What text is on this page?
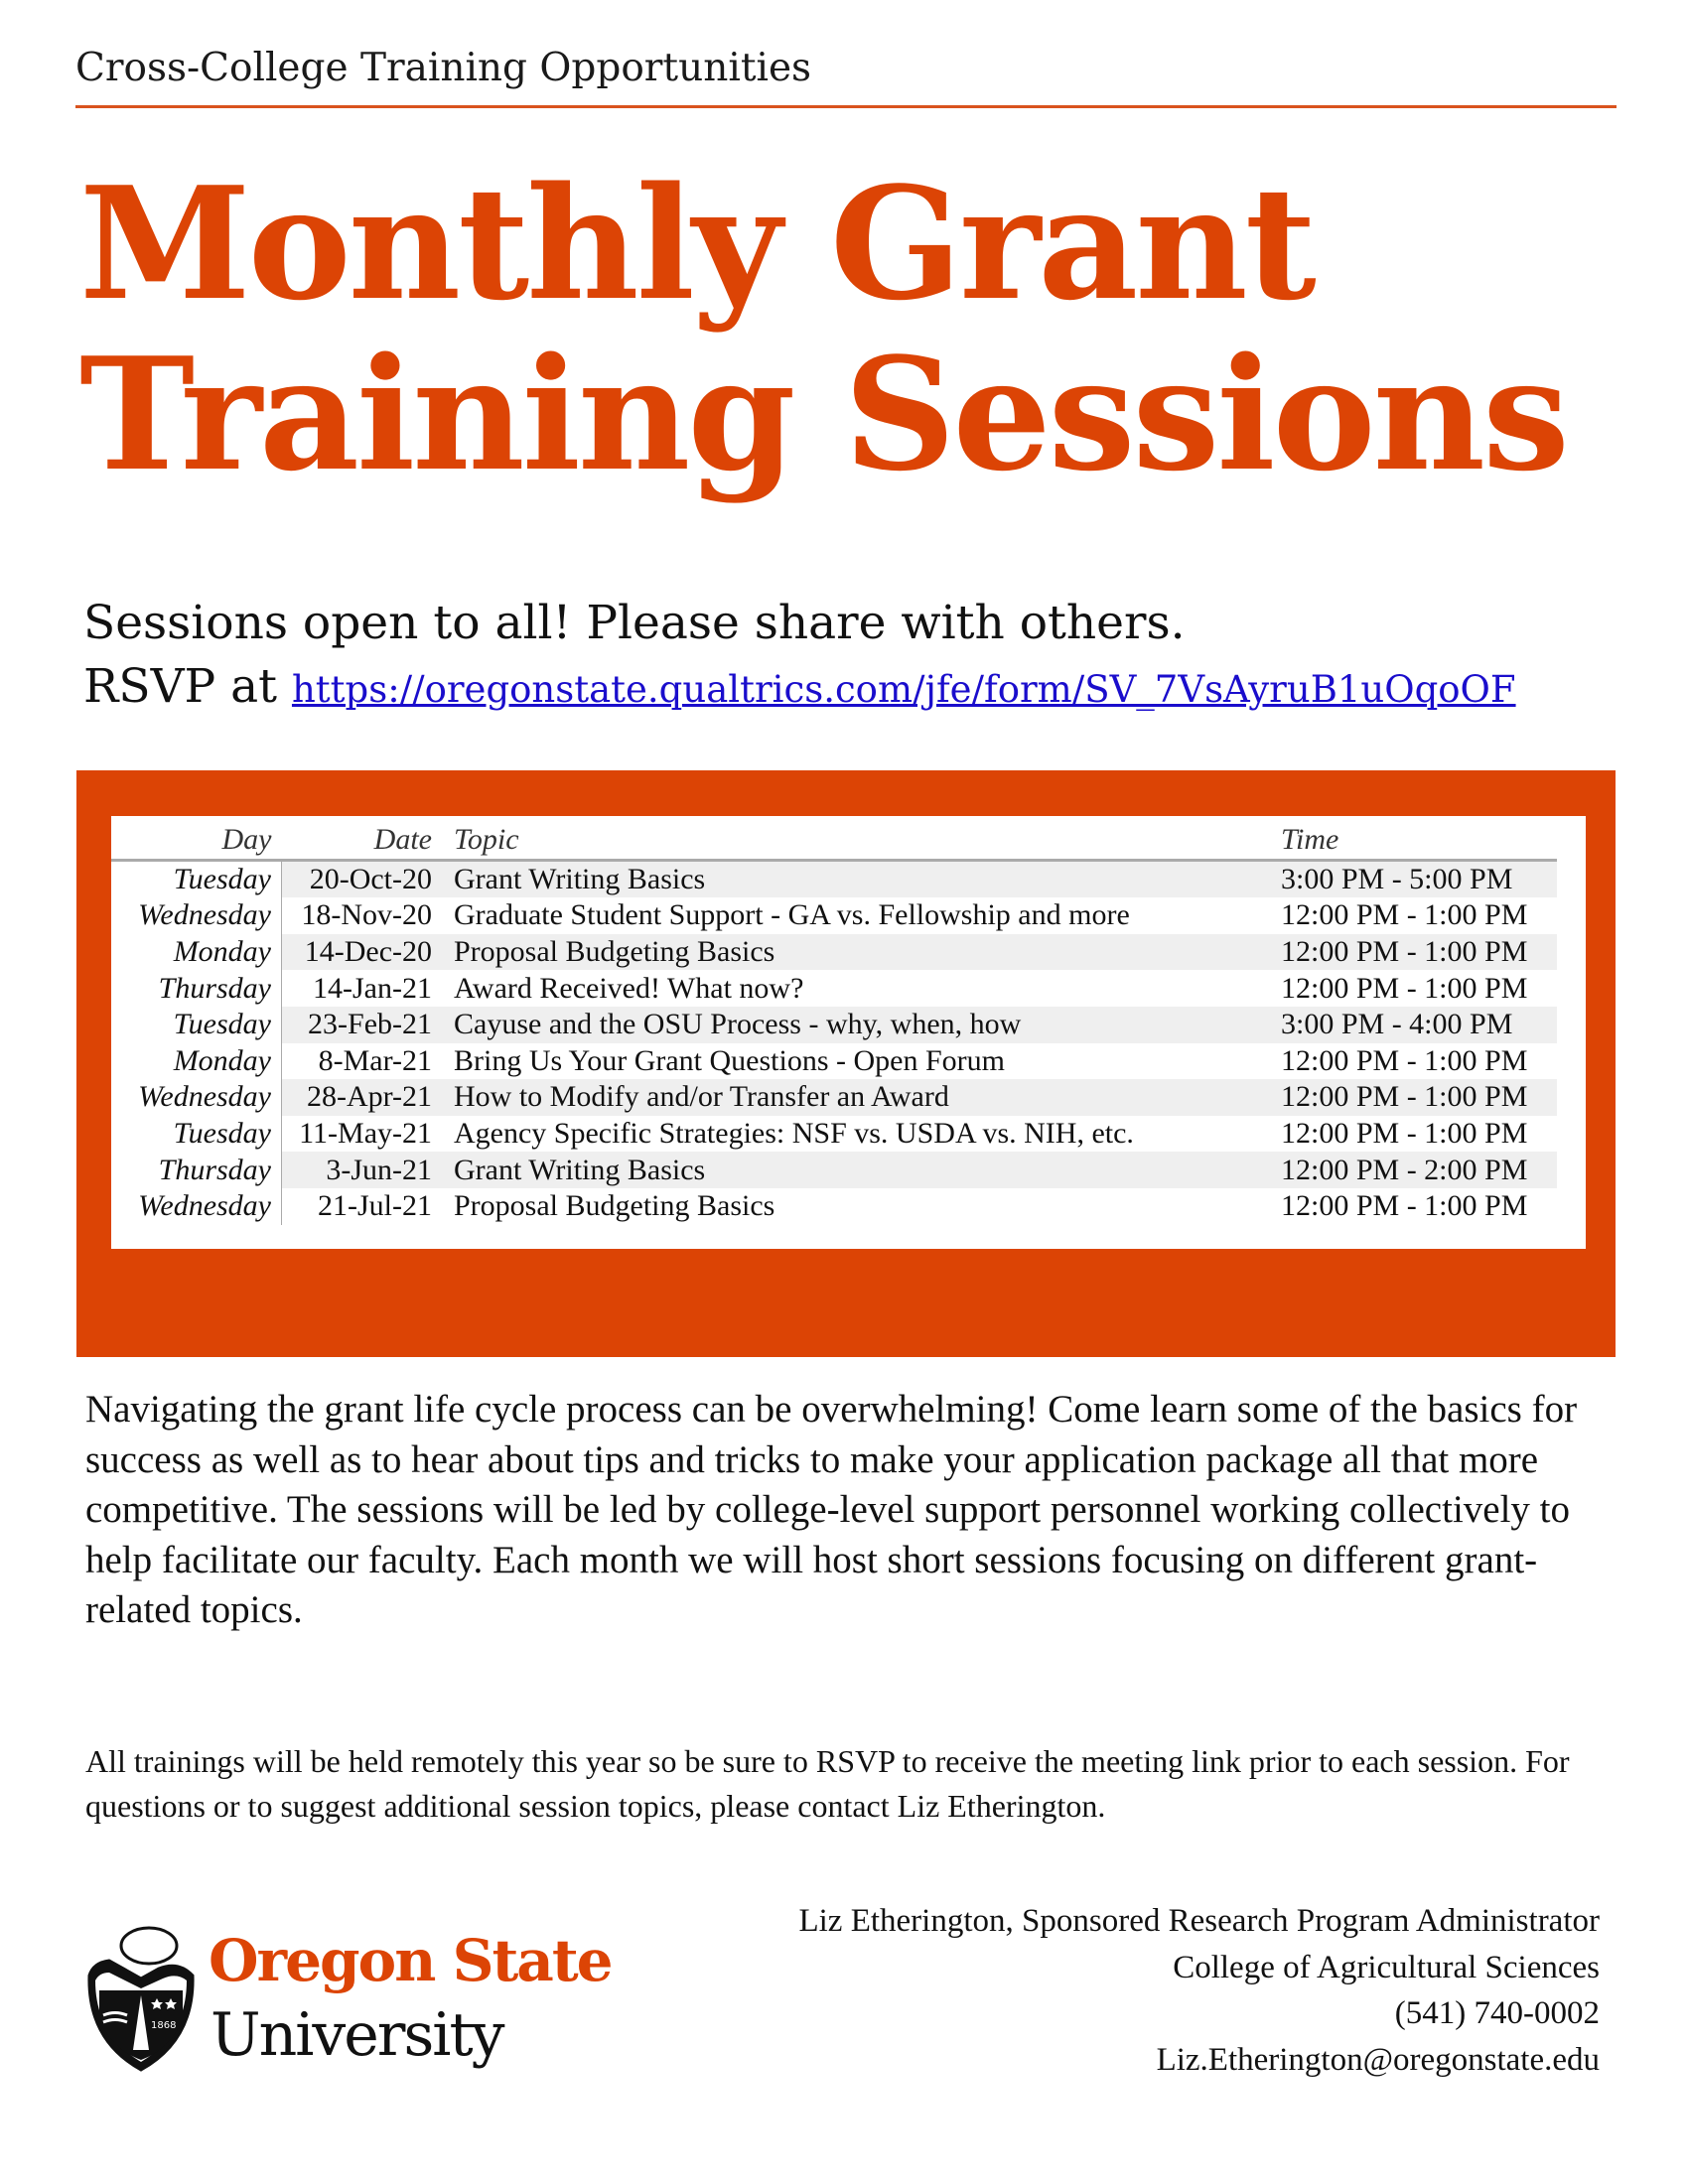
Cross-College Training Opportunities
Monthly Grant
Training Sessions
Sessions open to all! Please share with others.
RSVP at https://oregonstate.qualtrics.com/jfe/form/SV_7VsAyruB1uOqoOF
Day	Date	Topic	Time
Tuesday	20-Oct-20	Grant Writing Basics	3:00 PM - 5:00 PM
Wednesday	18-Nov-20	Graduate Student Support - GA vs. Fellowship and more	12:00 PM - 1:00 PM
Monday	14-Dec-20	Proposal Budgeting Basics	12:00 PM - 1:00 PM
Thursday	14-Jan-21	Award Received! What now?	12:00 PM - 1:00 PM
Tuesday	23-Feb-21	Cayuse and the OSU Process - why, when, how	3:00 PM - 4:00 PM
Monday	8-Mar-21	Bring Us Your Grant Questions - Open Forum	12:00 PM - 1:00 PM
Wednesday	28-Apr-21	How to Modify and/or Transfer an Award	12:00 PM - 1:00 PM
Tuesday	11-May-21	Agency Specific Strategies: NSF vs. USDA vs. NIH, etc.	12:00 PM - 1:00 PM
Thursday	3-Jun-21	Grant Writing Basics	12:00 PM - 2:00 PM
Wednesday	21-Jul-21	Proposal Budgeting Basics	12:00 PM - 1:00 PM
Navigating the grant life cycle process can be overwhelming! Come learn some of the basics for success as well as to hear about tips and tricks to make your application package all that more competitive. The sessions will be led by college-level support personnel working collectively to help facilitate our faculty. Each month we will host short sessions focusing on different grant-related topics.
All trainings will be held remotely this year so be sure to RSVP to receive the meeting link prior to each session. For questions or to suggest additional session topics, please contact Liz Etherington.
Liz Etherington, Sponsored Research Program Administrator
College of Agricultural Sciences
(541) 740-0002
Liz.Etherington@oregonstate.edu
1868
Oregon State
University
